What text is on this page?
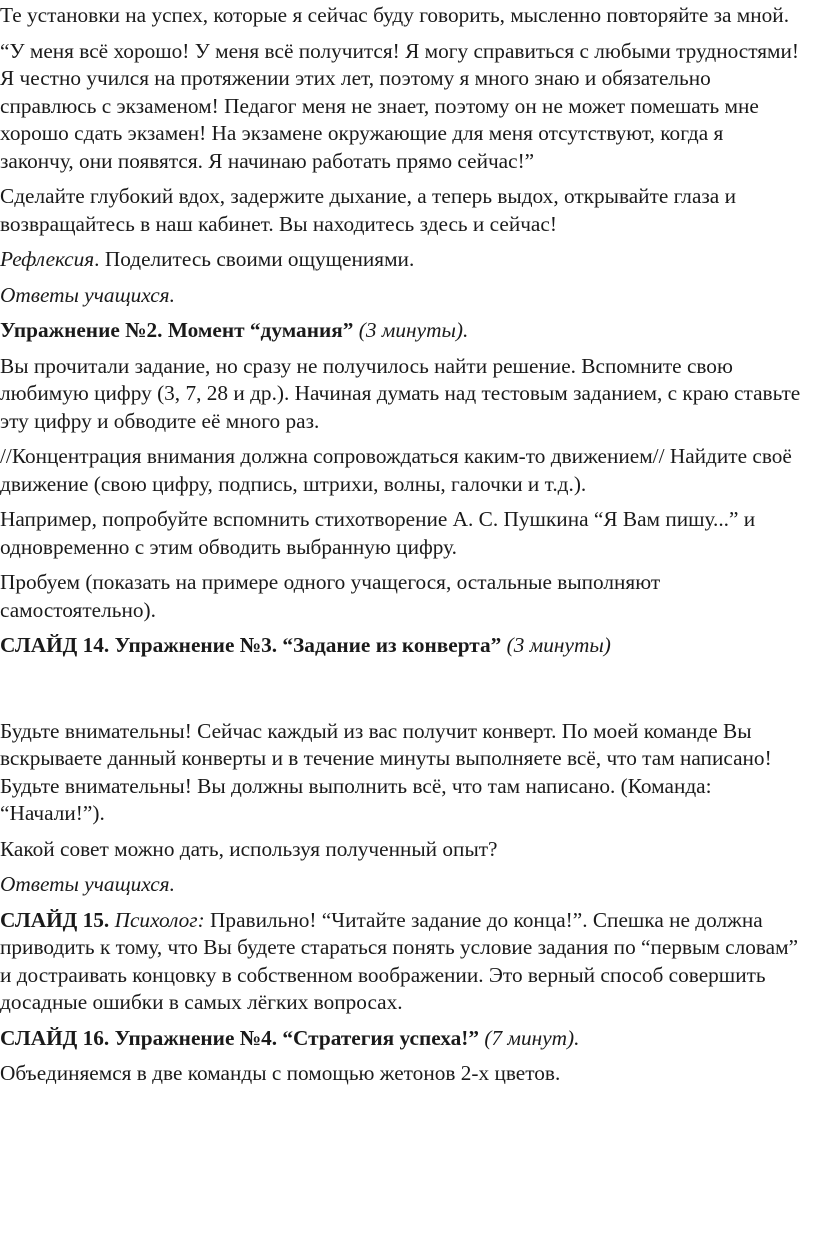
Те установки на успех, которые я сейчас буду говорить, мысленно повторяйте за мной.

“У меня всё хорошо! У меня всё получится! Я могу справиться с любыми трудностями! Я честно учился на протяжении этих лет, поэтому я много знаю и обязательно справлюсь с экзаменом! Педагог меня не знает, поэтому он не может помешать мне хорошо сдать экзамен! На экзамене окружающие для меня отсутствуют, когда я закончу, они появятся. Я начинаю работать прямо сейчас!”

Сделайте глубокий вдох, задержите дыхание, а теперь выдох, открывайте глаза и возвращайтесь в наш кабинет. Вы находитесь здесь и сейчас!

Рефлексия. Поделитесь своими ощущениями.

Ответы учащихся.

Упражнение №2. Момент “думания” (3 минуты).

Вы прочитали задание, но сразу не получилось найти решение. Вспомните свою любимую цифру (3, 7, 28 и др.). Начиная думать над тестовым заданием, с краю ставьте эту цифру и обводите её много раз.

//Концентрация внимания должна сопровождаться каким-то движением// Найдите своё движение (свою цифру, подпись, штрихи, волны, галочки и т.д.).

Например, попробуйте вспомнить стихотворение А. С. Пушкина “Я Вам пишу...” и одновременно с этим обводить выбранную цифру.

Пробуем (показать на примере одного учащегося, остальные выполняют самостоятельно).

СЛАЙД 14. Упражнение №3. “Задание из конверта” (3 минуты)

Будьте внимательны! Сейчас каждый из вас получит конверт. По моей команде Вы вскрываете данный конверты и в течение минуты выполняете всё, что там написано! Будьте внимательны! Вы должны выполнить всё, что там написано. (Команда: “Начали!”).

Какой совет можно дать, используя полученный опыт?

Ответы учащихся.

СЛАЙД 15. Психолог: Правильно! “Читайте задание до конца!”. Спешка не должна приводить к тому, что Вы будете стараться понять условие задания по “первым словам” и достраивать концовку в собственном воображении. Это верный способ совершить досадные ошибки в самых лёгких вопросах.

СЛАЙД 16. Упражнение №4. “Стратегия успеха!” (7 минут).

Объединяемся в две команды с помощью жетонов 2-х цветов.
